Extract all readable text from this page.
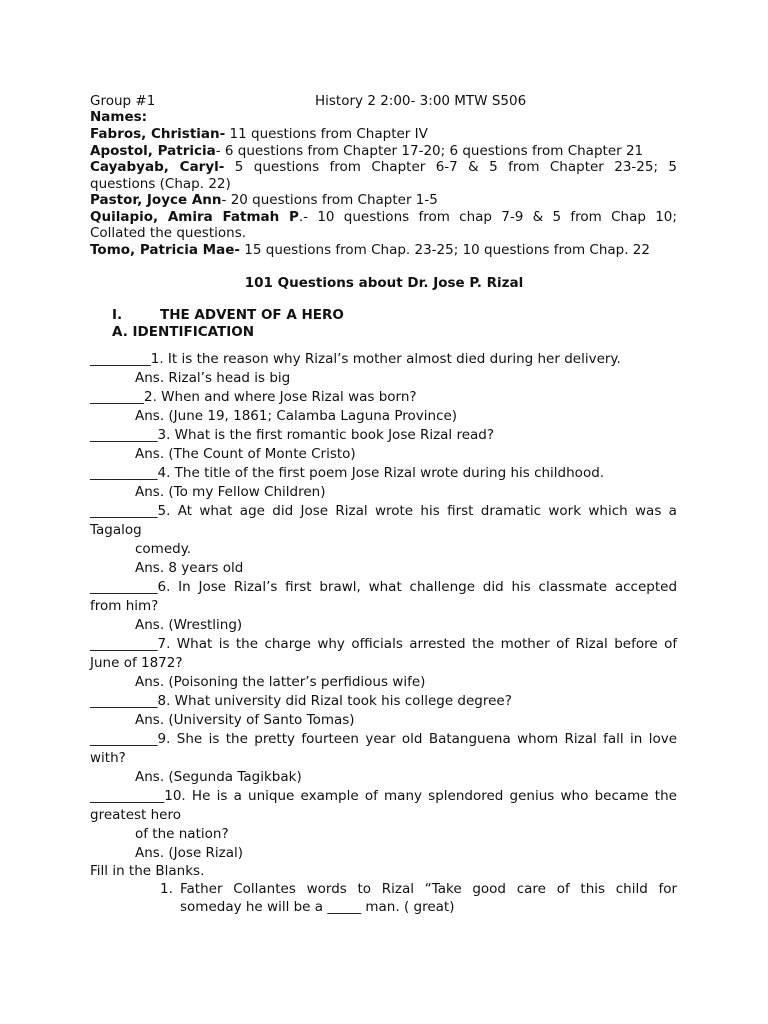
Group #1	History 2 2:00- 3:00 MTW S506
Names:
Fabros, Christian- 11 questions from Chapter IV
Apostol, Patricia- 6 questions from Chapter 17-20; 6 questions from Chapter 21
Cayabyab, Caryl- 5 questions from Chapter 6-7 & 5 from Chapter 23-25; 5
questions (Chap. 22)
Pastor, Joyce Ann- 20 questions from Chapter 1-5
Quilapio, Amira Fatmah P.- 10 questions from chap 7-9 & 5 from Chap 10;
Collated the questions.
Tomo, Patricia Mae- 15 questions from Chap. 23-25; 10 questions from Chap. 22
101 Questions about Dr. Jose P. Rizal
I.	THE ADVENT OF A HERO
A. IDENTIFICATION
_________1. It is the reason why Rizal’s mother almost died during her delivery.
Ans. Rizal’s head is big
________2. When and where Jose Rizal was born?
Ans. (June 19, 1861; Calamba Laguna Province)
__________3. What is the first romantic book Jose Rizal read?
Ans. (The Count of Monte Cristo)
__________4. The title of the first poem Jose Rizal wrote during his childhood.
Ans. (To my Fellow Children)
__________5. At what age did Jose Rizal wrote his first dramatic work which was a
Tagalog
comedy.
Ans. 8 years old
__________6. In Jose Rizal’s first brawl, what challenge did his classmate accepted
from him?
Ans. (Wrestling)
__________7. What is the charge why officials arrested the mother of Rizal before of
June of 1872?
Ans. (Poisoning the latter’s perfidious wife)
__________8. What university did Rizal took his college degree?
Ans. (University of Santo Tomas)
__________9. She is the pretty fourteen year old Batanguena whom Rizal fall in love
with?
Ans. (Segunda Tagikbak)
___________10. He is a unique example of many splendored genius who became the
greatest hero
of the nation?
Ans. (Jose Rizal)
Fill in the Blanks.
1. Father Collantes words to Rizal “Take good care of this child for
someday he will be a _____ man. ( great)
